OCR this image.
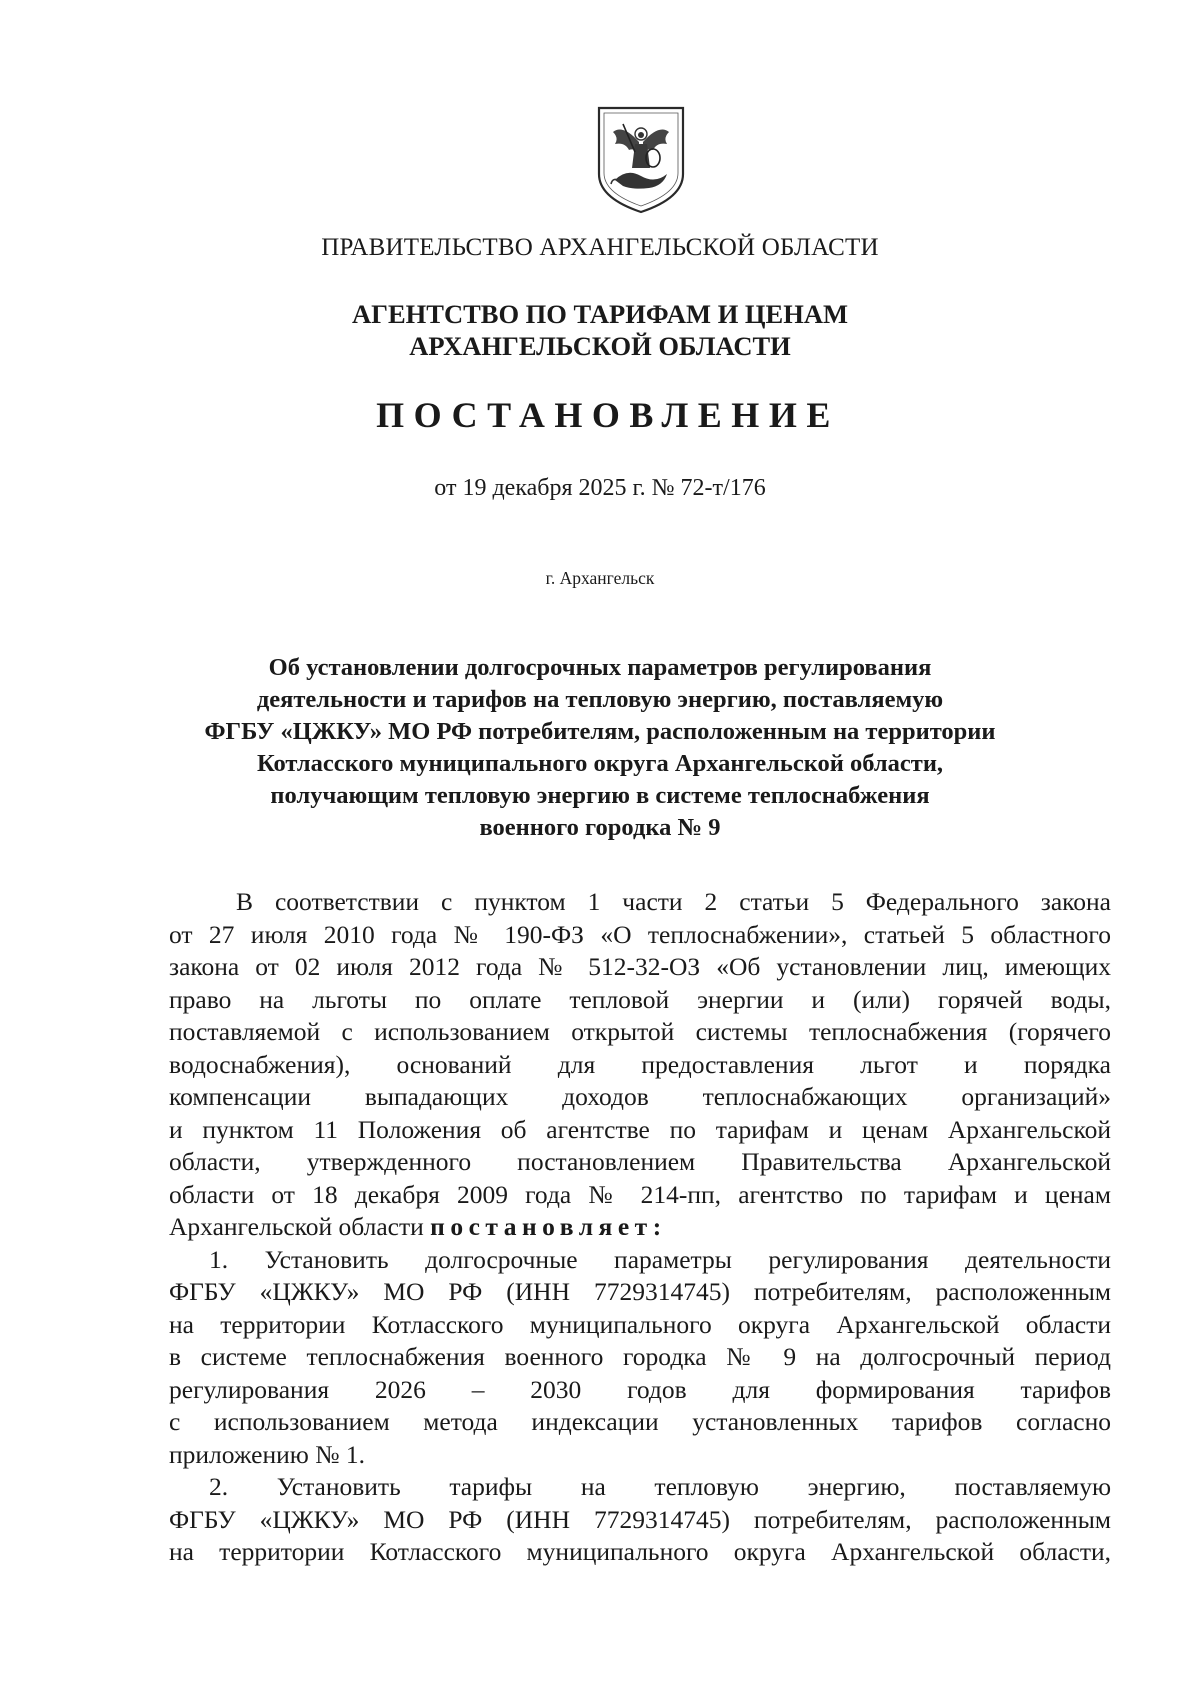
ПРАВИТЕЛЬСТВО АРХАНГЕЛЬСКОЙ ОБЛАСТИ
АГЕНТСТВО ПО ТАРИФАМ И ЦЕНАМ
АРХАНГЕЛЬСКОЙ ОБЛАСТИ
ПОСТАНОВЛЕНИЕ
от 19 декабря 2025 г. № 72-т/176
г. Архангельск
Об установлении долгосрочных параметров регулирования
деятельности и тарифов на тепловую энергию, поставляемую
ФГБУ «ЦЖКУ» МО РФ потребителям, расположенным на территории
Котласского муниципального округа Архангельской области,
получающим тепловую энергию в системе теплоснабжения
военного городка № 9
В соответствии с пунктом 1 части 2 статьи 5 Федерального закона
от 27 июля 2010 года № 190-ФЗ «О теплоснабжении», статьей 5 областного
закона от 02 июля 2012 года № 512-32-ОЗ «Об установлении лиц, имеющих
право на льготы по оплате тепловой энергии и (или) горячей воды,
поставляемой с использованием открытой системы теплоснабжения (горячего
водоснабжения), оснований для предоставления льгот и порядка
компенсации выпадающих доходов теплоснабжающих организаций»
и пунктом 11 Положения об агентстве по тарифам и ценам Архангельской
области, утвержденного постановлением Правительства Архангельской
области от 18 декабря 2009 года № 214-пп, агентство по тарифам и ценам
Архангельской области постановляет:
1. Установить долгосрочные параметры регулирования деятельности
ФГБУ «ЦЖКУ» МО РФ (ИНН 7729314745) потребителям, расположенным
на территории Котласского муниципального округа Архангельской области
в системе теплоснабжения военного городка № 9 на долгосрочный период
регулирования 2026 – 2030 годов для формирования тарифов
с использованием метода индексации установленных тарифов согласно
приложению № 1.
2. Установить тарифы на тепловую энергию, поставляемую
ФГБУ «ЦЖКУ» МО РФ (ИНН 7729314745) потребителям, расположенным
на территории Котласского муниципального округа Архангельской области,
